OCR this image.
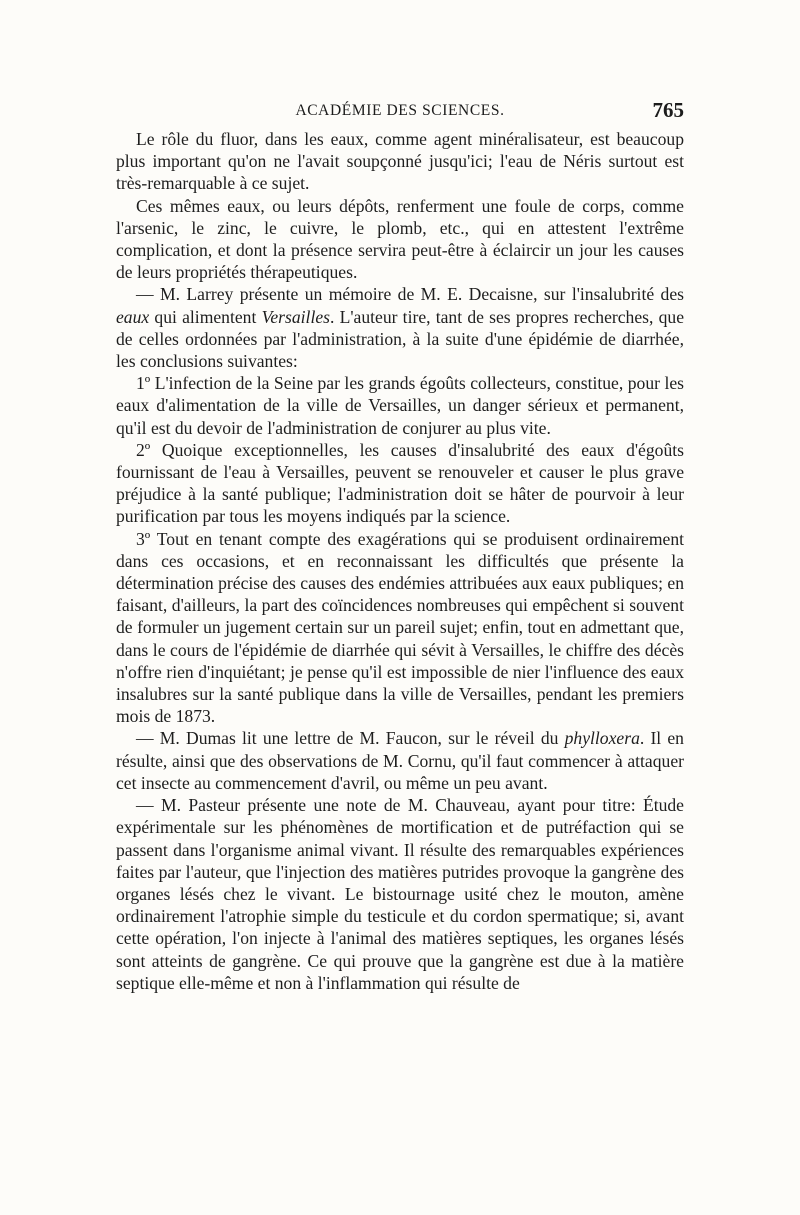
ACADÉMIE DES SCIENCES.	765

Le rôle du fluor, dans les eaux, comme agent minéralisateur, est beaucoup plus important qu'on ne l'avait soupçonné jusqu'ici; l'eau de Néris surtout est très-remarquable à ce sujet.

Ces mêmes eaux, ou leurs dépôts, renferment une foule de corps, comme l'arsenic, le zinc, le cuivre, le plomb, etc., qui en attestent l'extrême complication, et dont la présence servira peut-être à éclaircir un jour les causes de leurs propriétés thérapeutiques.

— M. Larrey présente un mémoire de M. E. Decaisne, sur l'insalubrité des eaux qui alimentent Versailles. L'auteur tire, tant de ses propres recherches, que de celles ordonnées par l'administration, à la suite d'une épidémie de diarrhée, les conclusions suivantes:

1º L'infection de la Seine par les grands égoûts collecteurs, constitue, pour les eaux d'alimentation de la ville de Versailles, un danger sérieux et permanent, qu'il est du devoir de l'administration de conjurer au plus vite.

2º Quoique exceptionnelles, les causes d'insalubrité des eaux d'égoûts fournissant de l'eau à Versailles, peuvent se renouveler et causer le plus grave préjudice à la santé publique; l'administration doit se hâter de pourvoir à leur purification par tous les moyens indiqués par la science.

3º Tout en tenant compte des exagérations qui se produisent ordinairement dans ces occasions, et en reconnaissant les difficultés que présente la détermination précise des causes des endémies attribuées aux eaux publiques; en faisant, d'ailleurs, la part des coïncidences nombreuses qui empêchent si souvent de formuler un jugement certain sur un pareil sujet; enfin, tout en admettant que, dans le cours de l'épidémie de diarrhée qui sévit à Versailles, le chiffre des décès n'offre rien d'inquiétant; je pense qu'il est impossible de nier l'influence des eaux insalubres sur la santé publique dans la ville de Versailles, pendant les premiers mois de 1873.

— M. Dumas lit une lettre de M. Faucon, sur le réveil du phylloxera. Il en résulte, ainsi que des observations de M. Cornu, qu'il faut commencer à attaquer cet insecte au commencement d'avril, ou même un peu avant.

— M. Pasteur présente une note de M. Chauveau, ayant pour titre: Étude expérimentale sur les phénomènes de mortification et de putréfaction qui se passent dans l'organisme animal vivant. Il résulte des remarquables expériences faites par l'auteur, que l'injection des matières putrides provoque la gangrène des organes lésés chez le vivant. Le bistournage usité chez le mouton, amène ordinairement l'atrophie simple du testicule et du cordon spermatique; si, avant cette opération, l'on injecte à l'animal des matières septiques, les organes lésés sont atteints de gangrène. Ce qui prouve que la gangrène est due à la matière septique elle-même et non à l'inflammation qui résulte de
